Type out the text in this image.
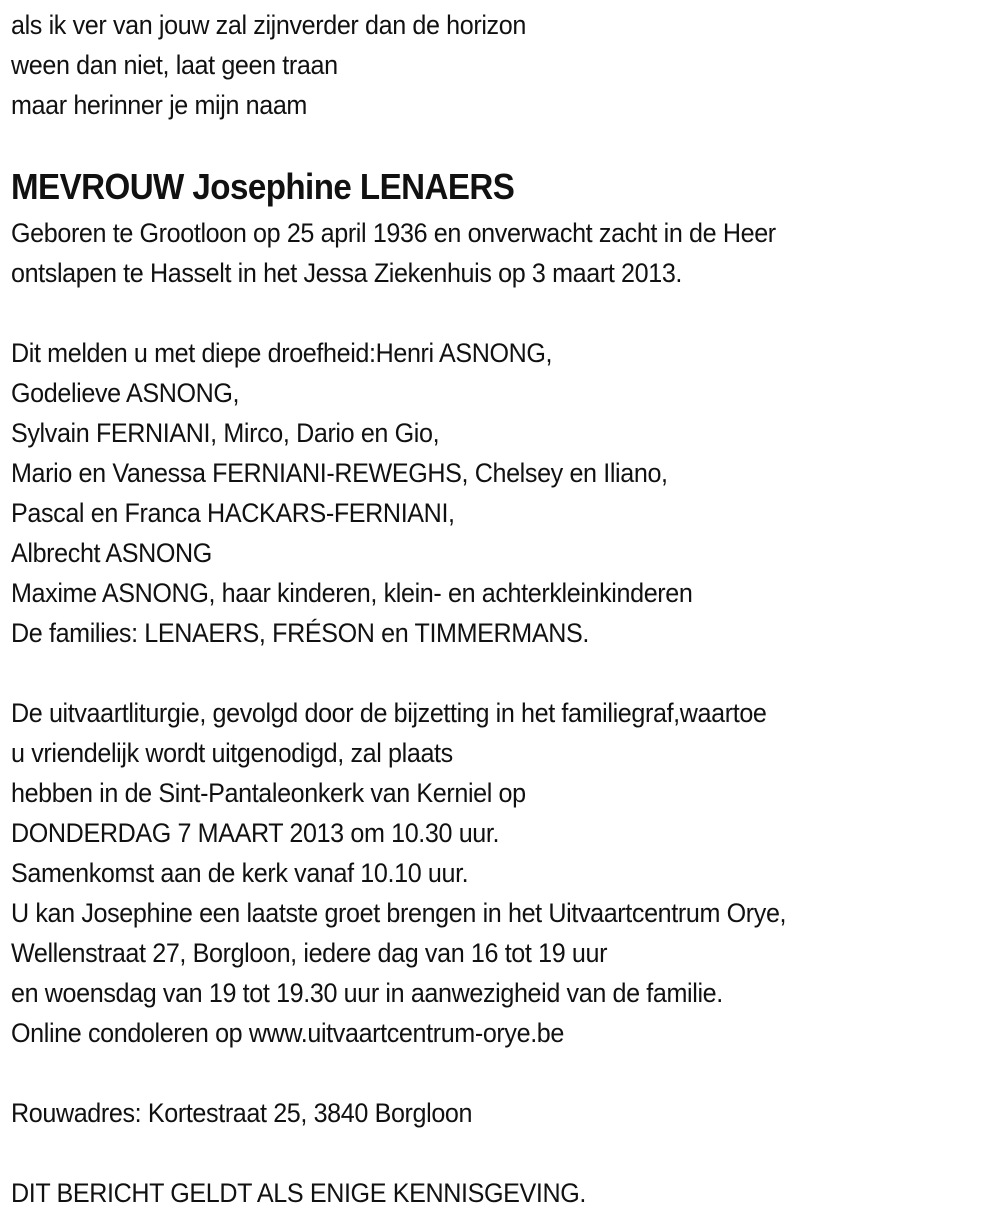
als ik ver van jouw zal zijnverder dan de horizon
ween dan niet, laat geen traan
maar herinner je mijn naam
MEVROUW Josephine LENAERS
Geboren te Grootloon op 25 april 1936 en onverwacht zacht in de Heer
ontslapen te Hasselt in het Jessa Ziekenhuis op 3 maart 2013.
Dit melden u met diepe droefheid:Henri ASNONG,
Godelieve ASNONG,
Sylvain FERNIANI, Mirco, Dario en Gio,
Mario en Vanessa FERNIANI-REWEGHS, Chelsey en Iliano,
Pascal en Franca HACKARS-FERNIANI,
Albrecht ASNONG
Maxime ASNONG, haar kinderen, klein- en achterkleinkinderen
De families: LENAERS, FRÉSON en TIMMERMANS.
De uitvaartliturgie, gevolgd door de bijzetting in het familiegraf,waartoe
u vriendelijk wordt uitgenodigd, zal plaats
hebben in de Sint-Pantaleonkerk van Kerniel op
DONDERDAG 7 MAART 2013 om 10.30 uur.
Samenkomst aan de kerk vanaf 10.10 uur.
U kan Josephine een laatste groet brengen in het Uitvaartcentrum Orye,
Wellenstraat 27, Borgloon, iedere dag van 16 tot 19 uur
en woensdag van 19 tot 19.30 uur in aanwezigheid van de familie.
Online condoleren op www.uitvaartcentrum-orye.be
Rouwadres: Kortestraat 25, 3840 Borgloon
DIT BERICHT GELDT ALS ENIGE KENNISGEVING.
